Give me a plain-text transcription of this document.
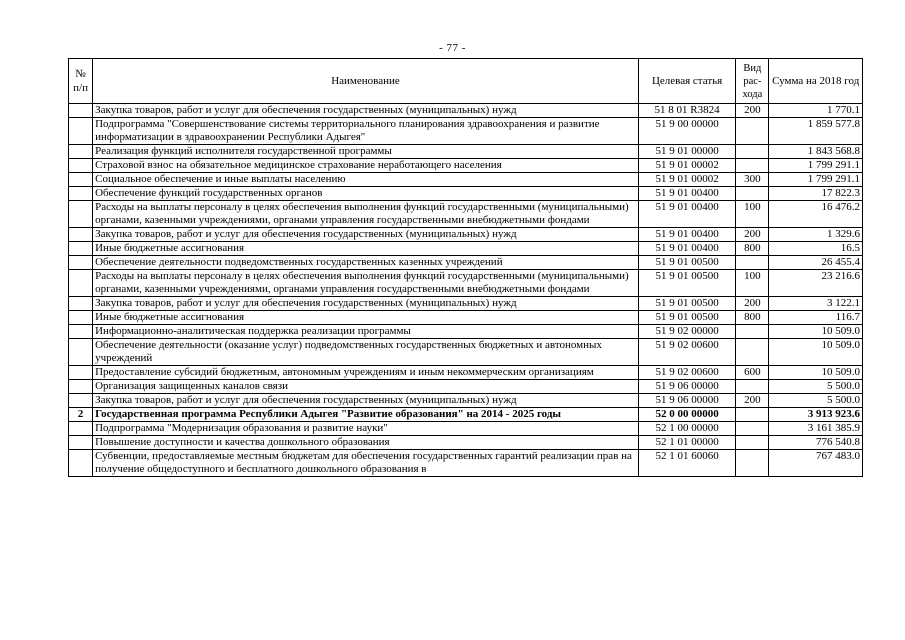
- 77 -
№ п/п	Наименование	Целевая статья	Вид рас-хода	Сумма на 2018 год
	Закупка товаров, работ и услуг для обеспечения государственных (муниципальных) нужд	51 8 01 R3824	200	1 770.1
	Подпрограмма "Совершенствование системы территориального планирования здравоохранения и развитие информатизации в здравоохранении Республики Адыгея"	51 9 00 00000		1 859 577.8
	Реализация функций исполнителя государственной программы	51 9 01 00000		1 843 568.8
	Страховой взнос на обязательное медицинское страхование неработающего населения	51 9 01 00002		1 799 291.1
	Социальное обеспечение и иные выплаты населению	51 9 01 00002	300	1 799 291.1
	Обеспечение функций государственных органов	51 9 01 00400		17 822.3
	Расходы на выплаты персоналу в целях обеспечения выполнения функций государственными (муниципальными) органами, казенными учреждениями, органами управления государственными внебюджетными фондами	51 9 01 00400	100	16 476.2
	Закупка товаров, работ и услуг для обеспечения государственных (муниципальных) нужд	51 9 01 00400	200	1 329.6
	Иные бюджетные ассигнования	51 9 01 00400	800	16.5
	Обеспечение деятельности подведомственных государственных казенных учреждений	51 9 01 00500		26 455.4
	Расходы на выплаты персоналу в целях обеспечения выполнения функций государственными (муниципальными) органами, казенными учреждениями, органами управления государственными внебюджетными фондами	51 9 01 00500	100	23 216.6
	Закупка товаров, работ и услуг для обеспечения государственных (муниципальных) нужд	51 9 01 00500	200	3 122.1
	Иные бюджетные ассигнования	51 9 01 00500	800	116.7
	Информационно-аналитическая поддержка реализации программы	51 9 02 00000		10 509.0
	Обеспечение деятельности (оказание услуг) подведомственных государственных бюджетных и автономных учреждений	51 9 02 00600		10 509.0
	Предоставление субсидий бюджетным, автономным учреждениям и иным некоммерческим организациям	51 9 02 00600	600	10 509.0
	Организация защищенных каналов связи	51 9 06 00000		5 500.0
	Закупка товаров, работ и услуг для обеспечения государственных (муниципальных) нужд	51 9 06 00000	200	5 500.0
2	Государственная программа Республики Адыгея "Развитие образования" на 2014 - 2025 годы	52 0 00 00000		3 913 923.6
	Подпрограмма "Модернизация образования и развитие науки"	52 1 00 00000		3 161 385.9
	Повышение доступности и качества дошкольного образования	52 1 01 00000		776 540.8
	Субвенции, предоставляемые местным бюджетам для обеспечения государственных гарантий реализации прав на получение общедоступного и бесплатного дошкольного образования в	52 1 01 60060		767 483.0
